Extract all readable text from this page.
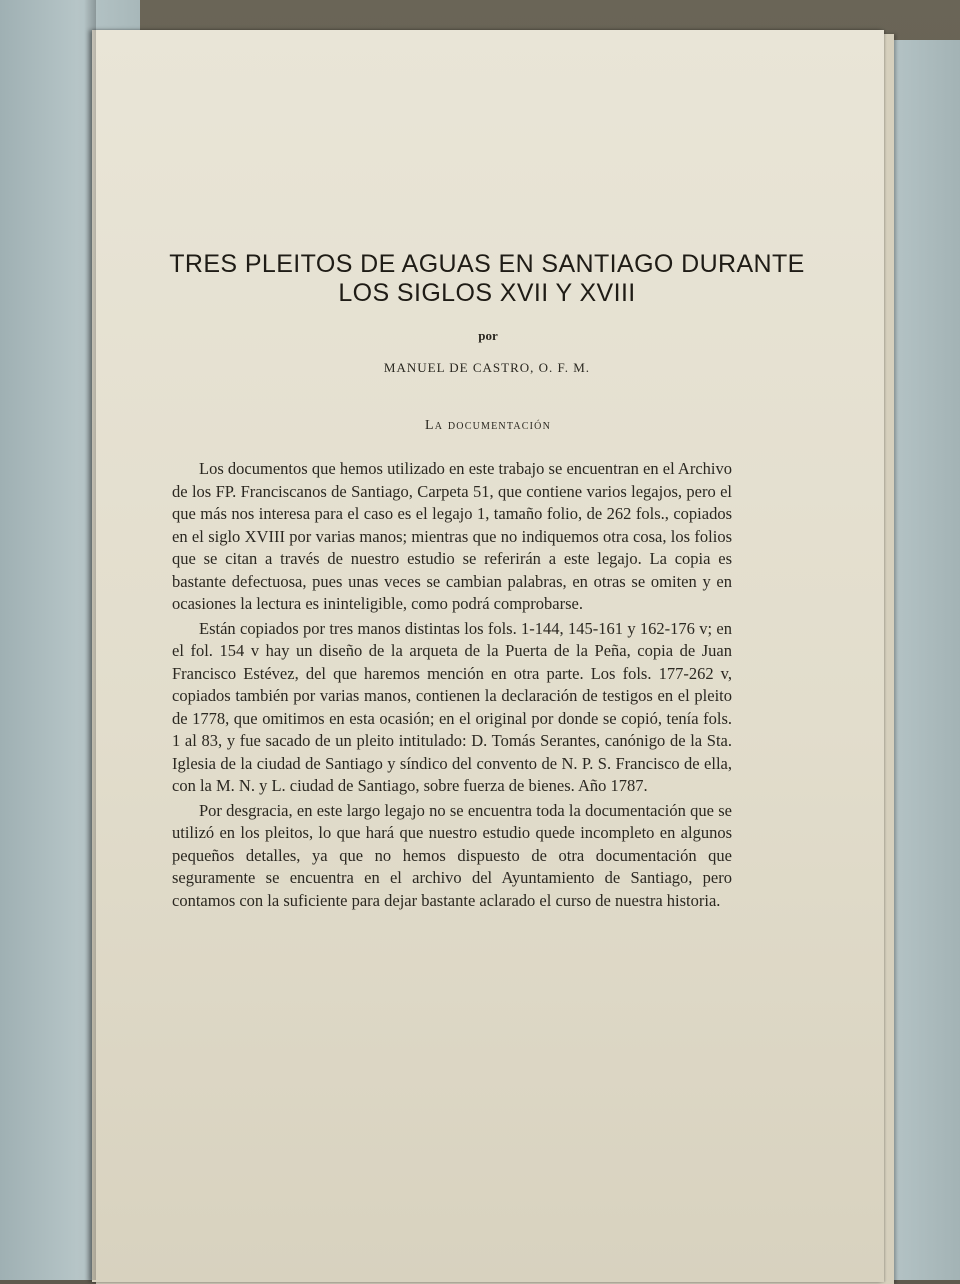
TRES PLEITOS DE AGUAS EN SANTIAGO DURANTE
LOS SIGLOS XVII Y XVIII
por
MANUEL DE CASTRO, O. F. M.
La documentación

Los documentos que hemos utilizado en este trabajo se encuentran en el Archivo de los FP. Franciscanos de Santiago, Carpeta 51, que contiene varios legajos, pero el que más nos interesa para el caso es el legajo 1, tamaño folio, de 262 fols., copiados en el siglo XVIII por varias manos; mientras que no indiquemos otra cosa, los folios que se citan a través de nuestro estudio se referirán a este legajo. La copia es bastante defectuosa, pues unas veces se cambian palabras, en otras se omiten y en ocasiones la lectura es ininteligible, como podrá comprobarse.

Están copiados por tres manos distintas los fols. 1-144, 145-161 y 162-176 v; en el fol. 154 v hay un diseño de la arqueta de la Puerta de la Peña, copia de Juan Francisco Estévez, del que haremos mención en otra parte. Los fols. 177-262 v, copiados también por varias manos, contienen la declaración de testigos en el pleito de 1778, que omitimos en esta ocasión; en el original por donde se copió, tenía fols. 1 al 83, y fue sacado de un pleito intitulado: D. Tomás Serantes, canónigo de la Sta. Iglesia de la ciudad de Santiago y síndico del convento de N. P. S. Francisco de ella, con la M. N. y L. ciudad de Santiago, sobre fuerza de bienes. Año 1787.

Por desgracia, en este largo legajo no se encuentra toda la documentación que se utilizó en los pleitos, lo que hará que nuestro estudio quede incompleto en algunos pequeños detalles, ya que no hemos dispuesto de otra documentación que seguramente se encuentra en el archivo del Ayuntamiento de Santiago, pero contamos con la suficiente para dejar bastante aclarado el curso de nuestra historia.
